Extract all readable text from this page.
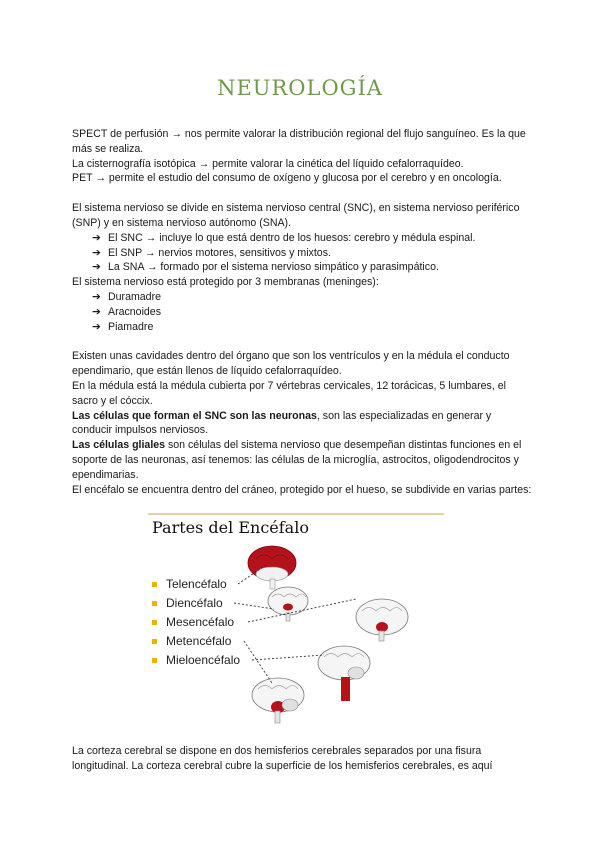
NEUROLOGÍA

SPECT de perfusión → nos permite valorar la distribución regional del flujo sanguíneo. Es la que más se realiza.

La cisternografía isotópica → permite valorar la cinética del líquido cefalorraquídeo.

PET → permite el estudio del consumo de oxígeno y glucosa por el cerebro y en oncología.

El sistema nervioso se divide en sistema nervioso central (SNC), en sistema nervioso periférico (SNP) y en sistema nervioso autónomo (SNA).

➔ El SNC → incluye lo que está dentro de los huesos: cerebro y médula espinal.
➔ El SNP → nervios motores, sensitivos y mixtos.
➔ La SNA → formado por el sistema nervioso simpático y parasimpático.

El sistema nervioso está protegido por 3 membranas (meninges):

➔ Duramadre
➔ Aracnoides
➔ Piamadre

Existen unas cavidades dentro del órgano que son los ventrículos y en la médula el conducto ependimario, que están llenos de líquido cefalorraquídeo.

En la médula está la médula cubierta por 7 vértebras cervicales, 12 torácicas, 5 lumbares, el sacro y el cóccix.

Las células que forman el SNC son las neuronas, son las especializadas en generar y conducir impulsos nerviosos.

Las células gliales son células del sistema nervioso que desempeñan distintas funciones en el soporte de las neuronas, así tenemos: las células de la microglía, astrocitos, oligodendrocitos y ependimarias.

El encéfalo se encuentra dentro del cráneo, protegido por el hueso, se subdivide en varias partes:

Partes del Encéfalo
Telencéfalo
Diencéfalo
Mesencéfalo
Metencéfalo
Mieloencéfalo
La corteza cerebral se dispone en dos hemisferios cerebrales separados por una fisura longitudinal. La corteza cerebral cubre la superficie de los hemisferios cerebrales, es aquí
